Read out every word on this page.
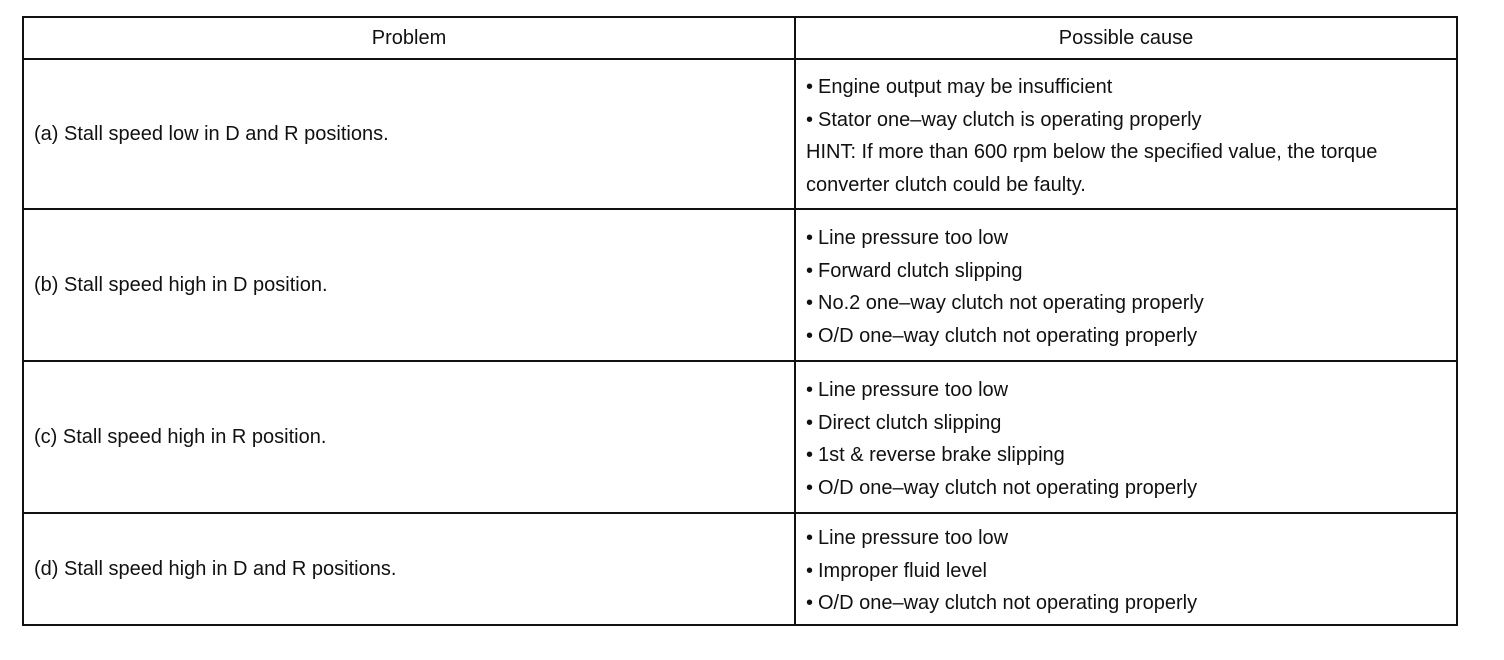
Problem	Possible cause
(a) Stall speed low in D and R positions.	• Engine output may be insufficient
• Stator one–way clutch is operating properly
HINT: If more than 600 rpm below the specified value, the torque converter clutch could be faulty.

(b) Stall speed high in D position.	• Line pressure too low
• Forward clutch slipping
• No.2 one–way clutch not operating properly
• O/D one–way clutch not operating properly

(c) Stall speed high in R position.	• Line pressure too low
• Direct clutch slipping
• 1st & reverse brake slipping
• O/D one–way clutch not operating properly

(d) Stall speed high in D and R positions.	• Line pressure too low
• Improper fluid level
• O/D one–way clutch not operating properly
